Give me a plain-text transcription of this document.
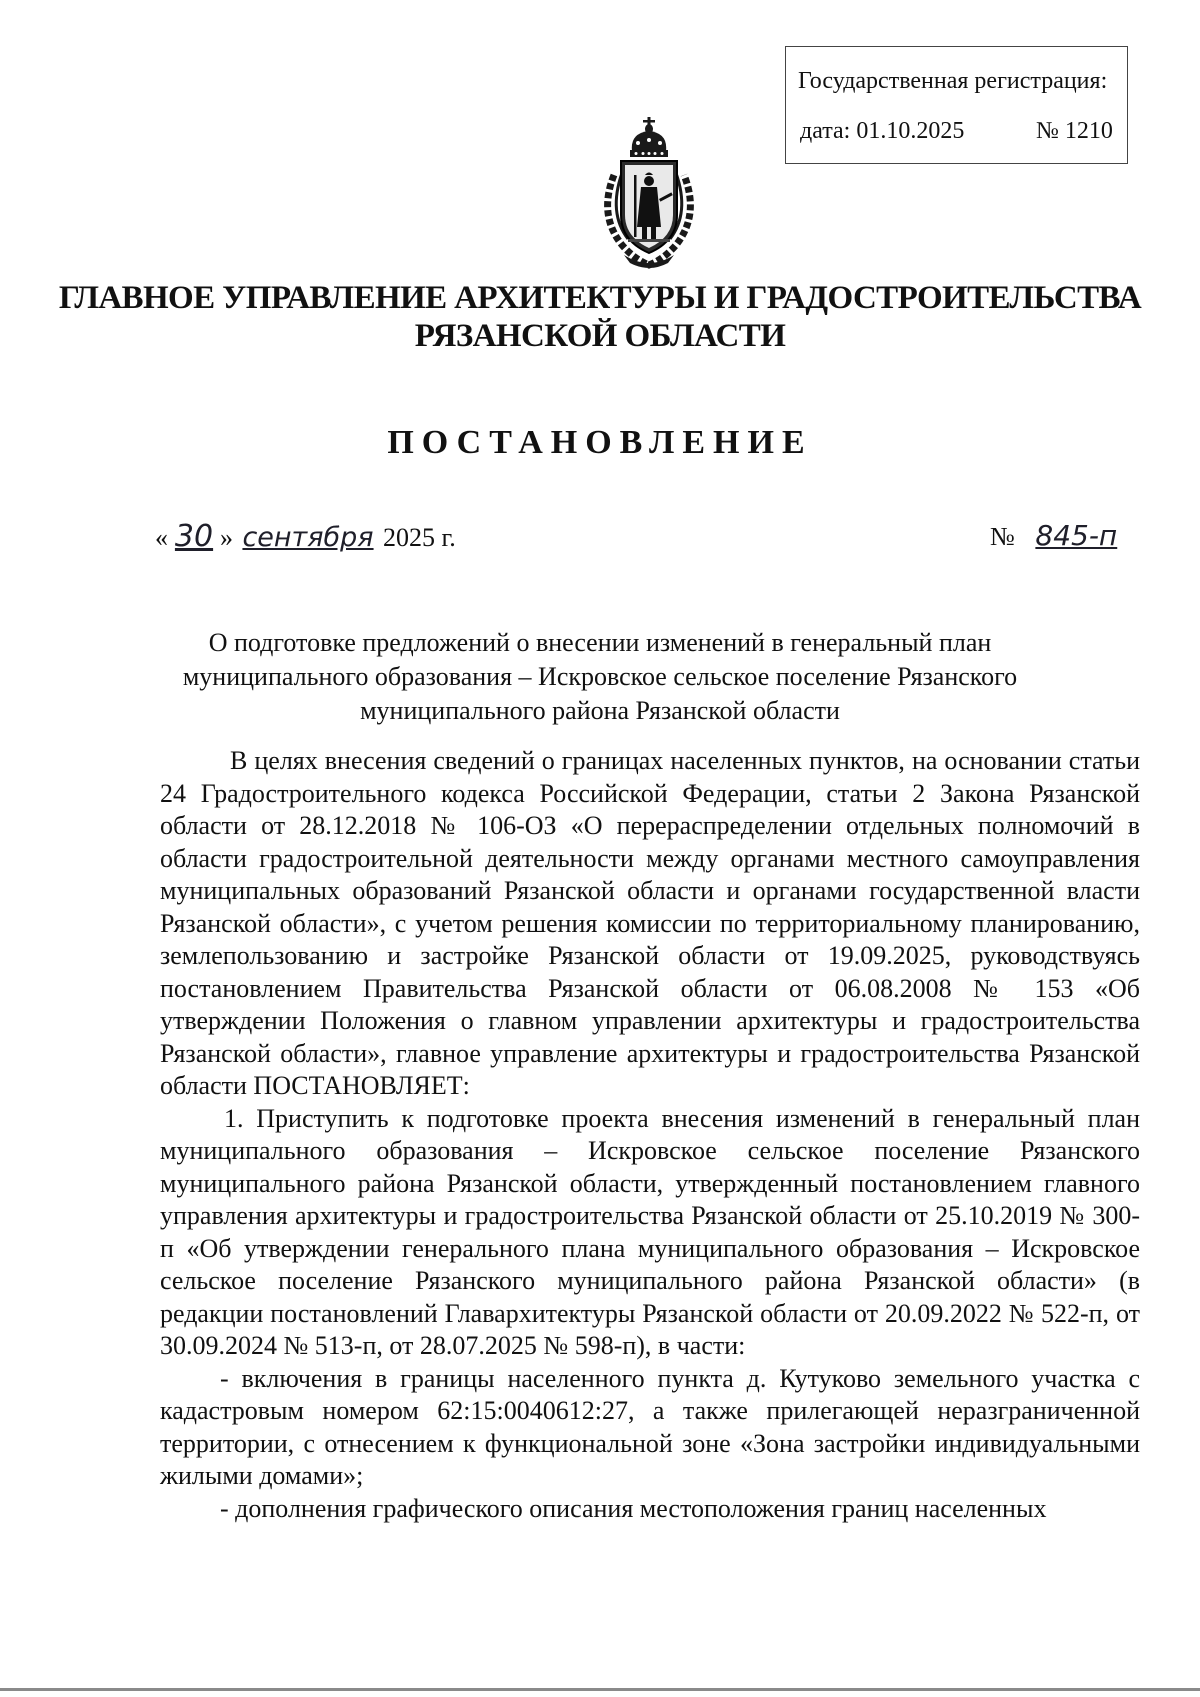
Государственная регистрация:
дата: 01.10.2025	№ 1210
ГЛАВНОЕ УПРАВЛЕНИЕ АРХИТЕКТУРЫ И ГРАДОСТРОИТЕЛЬСТВА
РЯЗАНСКОЙ ОБЛАСТИ
ПОСТАНОВЛЕНИЕ
« 30 » сентября 2025 г.	№ 845-п
О подготовке предложений о внесении изменений в генеральный план муниципального образования – Искровское сельское поселение Рязанского муниципального района Рязанской области

В целях внесения сведений о границах населенных пунктов, на основании статьи 24 Градостроительного кодекса Российской Федерации, статьи 2 Закона Рязанской области от 28.12.2018 № 106-ОЗ «О перераспределении отдельных полномочий в области градостроительной деятельности между органами местного самоуправления муниципальных образований Рязанской области и органами государственной власти Рязанской области», с учетом решения комиссии по территориальному планированию, землепользованию и застройке Рязанской области от 19.09.2025, руководствуясь постановлением Правительства Рязанской области от 06.08.2008 № 153 «Об утверждении Положения о главном управлении архитектуры и градостроительства Рязанской области», главное управление архитектуры и градостроительства Рязанской области ПОСТАНОВЛЯЕТ:

1. Приступить к подготовке проекта внесения изменений в генеральный план муниципального образования – Искровское сельское поселение Рязанского муниципального района Рязанской области, утвержденный постановлением главного управления архитектуры и градостроительства Рязанской области от 25.10.2019 № 300-п «Об утверждении генерального плана муниципального образования – Искровское сельское поселение Рязанского муниципального района Рязанской области» (в редакции постановлений Главархитектуры Рязанской области от 20.09.2022 № 522-п, от 30.09.2024 № 513-п, от 28.07.2025 № 598-п), в части:

- включения в границы населенного пункта д. Кутуково земельного участка с кадастровым номером 62:15:0040612:27, а также прилегающей неразграниченной территории, с отнесением к функциональной зоне «Зона застройки индивидуальными жилыми домами»;

- дополнения графического описания местоположения границ населенных
